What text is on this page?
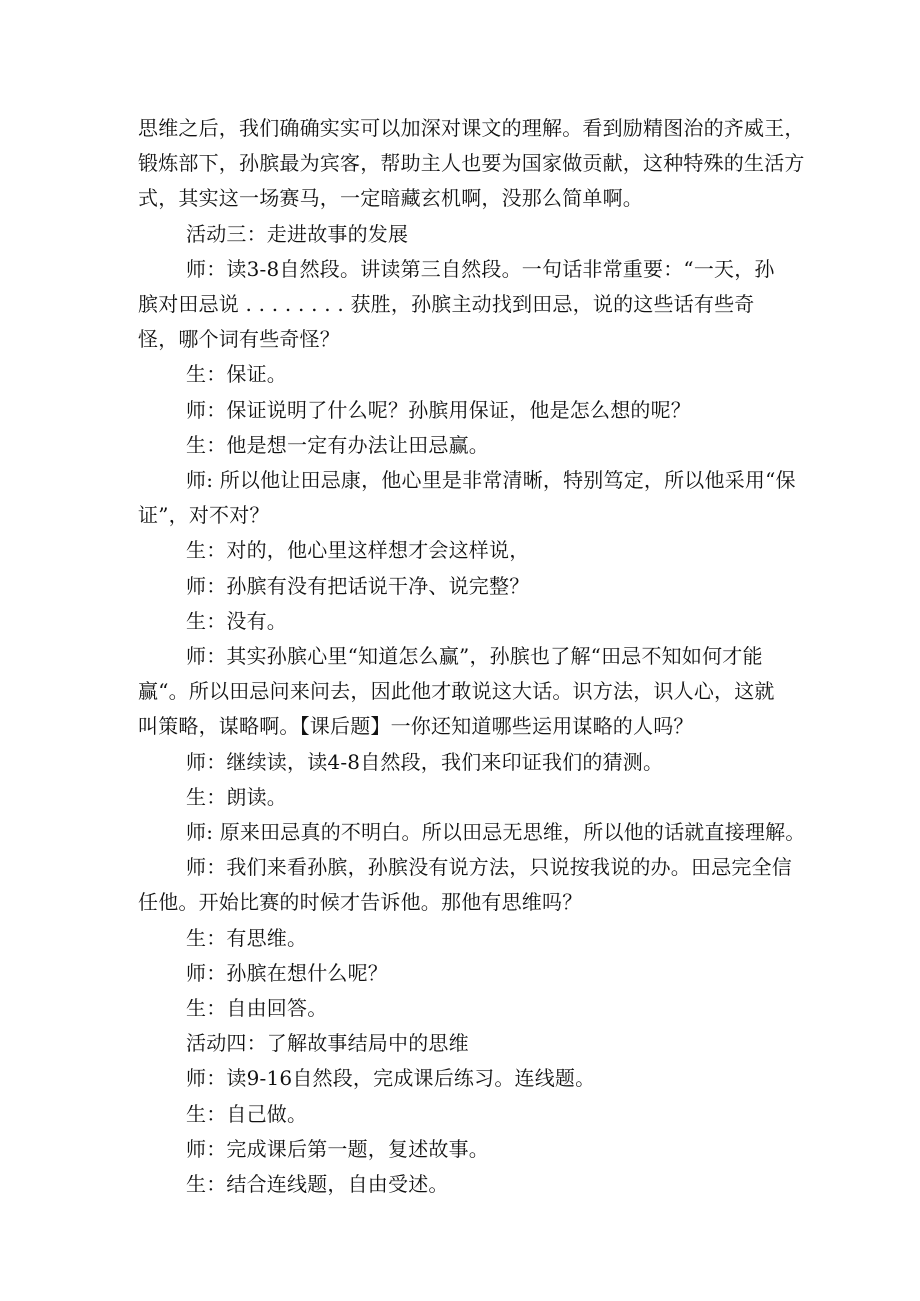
思维之后，我们确确实实可以加深对课文的理解。看到励精图治的齐威王，
锻炼部下，孙膑最为宾客，帮助主人也要为国家做贡献，这种特殊的生活方
式，其实这一场赛马，一定暗藏玄机啊，没那么简单啊。
活动三：走进故事的发展
师：读3-8自然段。讲读第三自然段。一句话非常重要：“一天，孙
膑对田忌说 . . . . . . . . 获胜，孙膑主动找到田忌，说的这些话有些奇
怪，哪个词有些奇怪？
生：保证。
师：保证说明了什么呢？孙膑用保证，他是怎么想的呢？
生：他是想一定有办法让田忌赢。
师: 所以他让田忌康，他心里是非常清晰，特别笃定，所以他采用“保
证”，对不对？
生：对的，他心里这样想才会这样说，
师：孙膑有没有把话说干净、说完整？
生：没有。
师：其实孙膑心里“知道怎么赢”，孙膑也了解“田忌不知如何才能
赢“。所以田忌问来问去，因此他才敢说这大话。识方法，识人心，这就
叫策略，谋略啊。【课后题】一你还知道哪些运用谋略的人吗？
师：继续读，读4-8自然段，我们来印证我们的猜测。
生：朗读。
师: 原来田忌真的不明白。所以田忌无思维，所以他的话就直接理解。
师：我们来看孙膑，孙膑没有说方法，只说按我说的办。田忌完全信
任他。开始比赛的时候才告诉他。那他有思维吗？
生：有思维。
师：孙膑在想什么呢？
生：自由回答。
活动四：了解故事结局中的思维
师：读9-16自然段，完成课后练习。连线题。
生：自己做。
师：完成课后第一题，复述故事。
生：结合连线题，自由受述。
